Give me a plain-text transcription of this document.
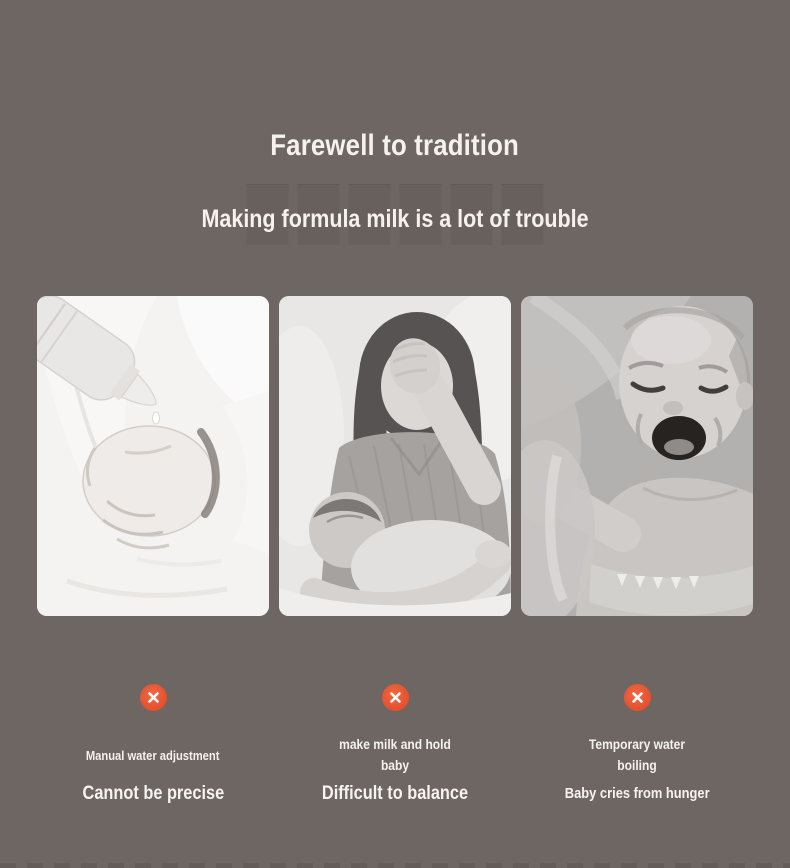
Farewell to tradition
Making formula milk is a lot of trouble
Manual water adjustment
Cannot be precise
make milk and hold baby
Difficult to balance
Temporary water boiling
Baby cries from hunger
